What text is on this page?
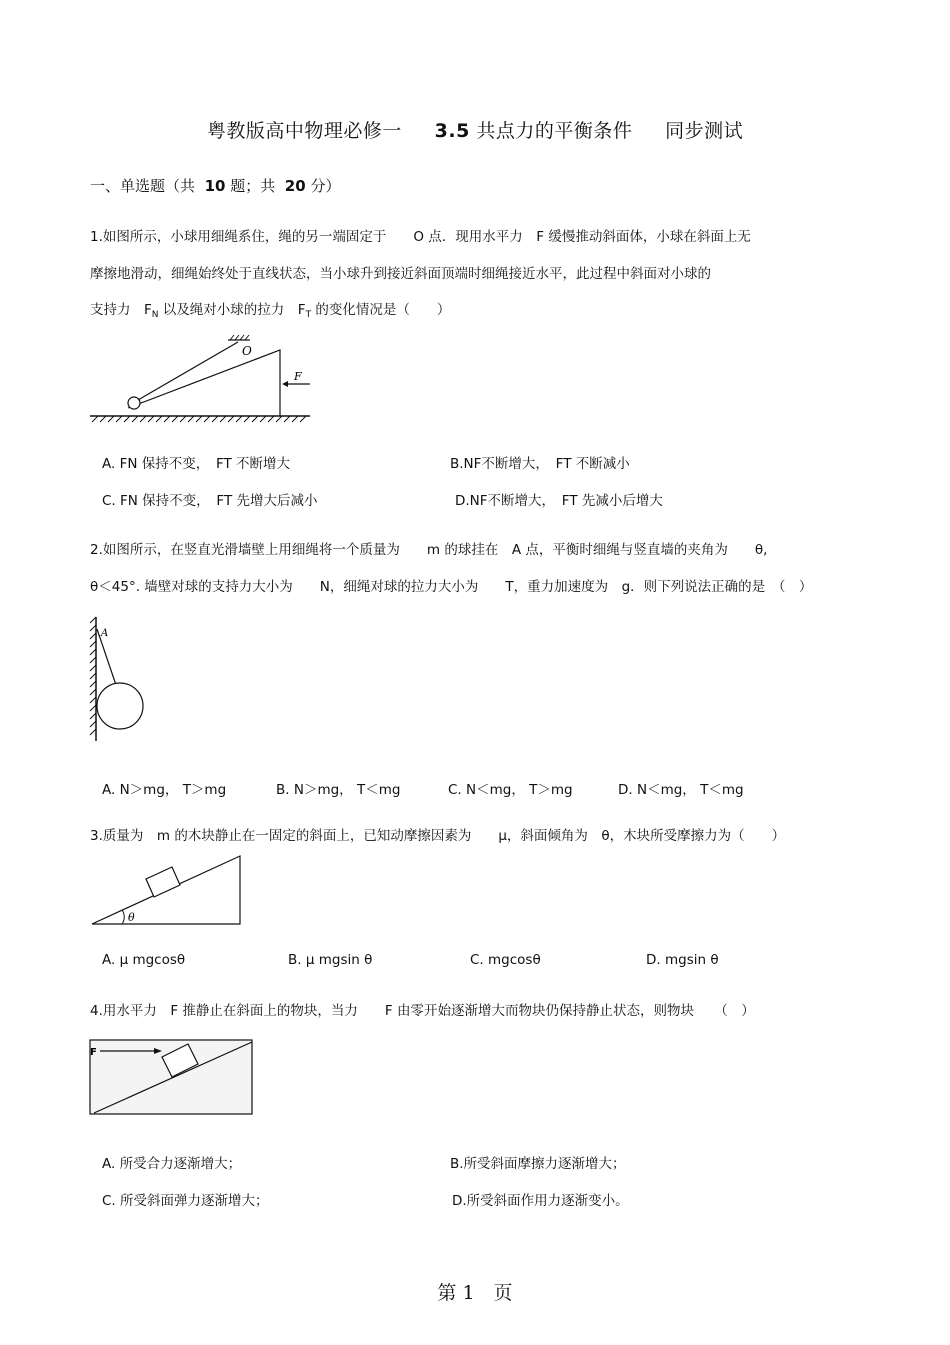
粤教版高中物理必修一 3.5 共点力的平衡条件 同步测试
一、单选题（共 10 题；共 20 分）
1.如图所示，小球用细绳系住，绳的另一端固定于　　O 点．现用水平力　F 缓慢推动斜面体，小球在斜面上无
摩擦地滑动，细绳始终处于直线状态，当小球升到接近斜面顶端时细绳接近水平，此过程中斜面对小球的
支持力　$F_N$ 以及绳对小球的拉力　$F_T$ 的变化情况是（　　）
O
F
A. FN 保持不变，　FT 不断增大	B.NF不断增大，　FT 不断减小
C. FN 保持不变，　FT 先增大后减小	D.NF不断增大，　FT 先减小后增大
2.如图所示，在竖直光滑墙壁上用细绳将一个质量为　　m 的球挂在　A 点，平衡时细绳与竖直墙的夹角为　　θ,
θ＜45°. 墙壁对球的支持力大小为　　N，细绳对球的拉力大小为　　T，重力加速度为　g．则下列说法正确的是　（　）
A
A. N＞mg， T＞mg	B. N＞mg， T＜mg	C. N＜mg， T＞mg	D. N＜mg， T＜mg
3.质量为　m 的木块静止在一固定的斜面上，已知动摩擦因素为　　μ，斜面倾角为　θ，木块所受摩擦力为（　　）
θ
A. μ mgcosθ	B. μ mgsin θ	C. mgcosθ	D. mgsin θ
4.用水平力　F 推静止在斜面上的物块，当力　　F 由零开始逐渐增大而物块仍保持静止状态，则物块　　（　）
F
A. 所受合力逐渐增大；	B.所受斜面摩擦力逐渐增大；
C. 所受斜面弹力逐渐增大；	D.所受斜面作用力逐渐变小。
第 1　页
